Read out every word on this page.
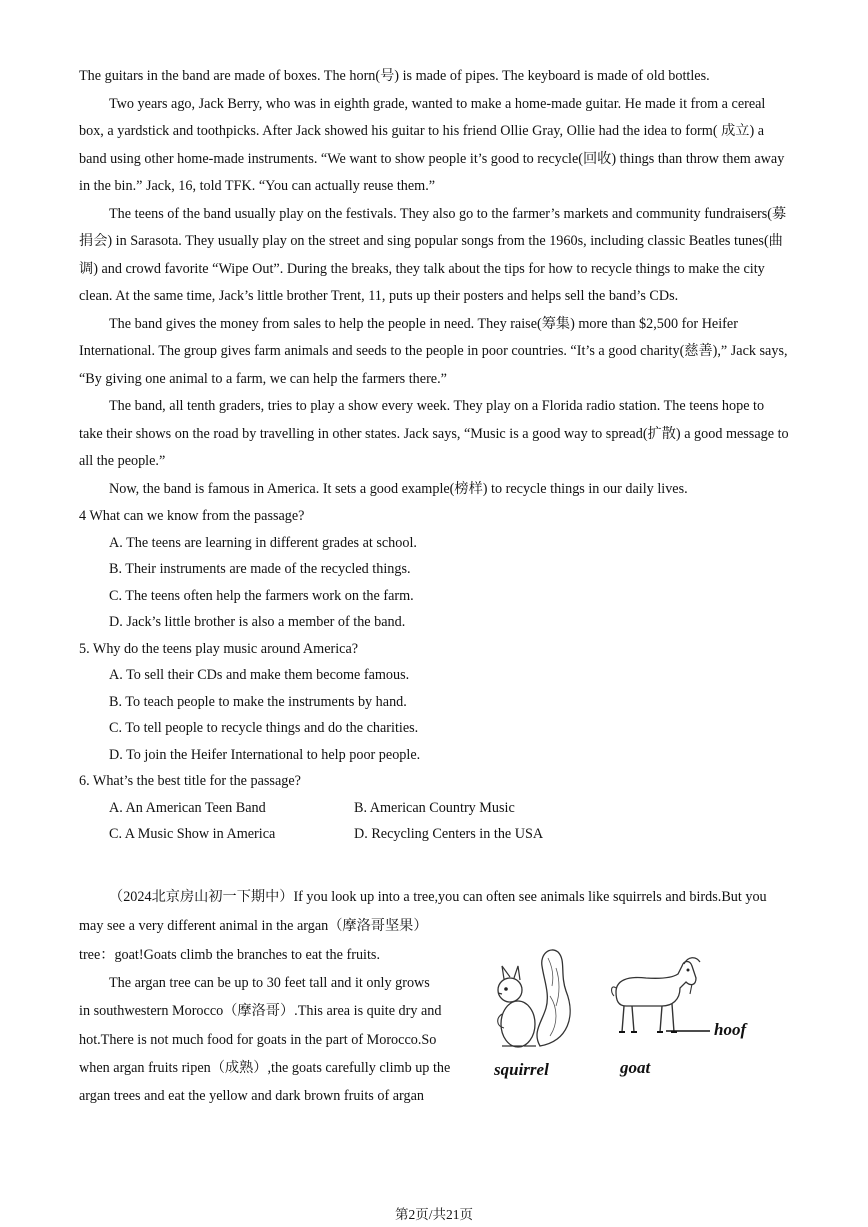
The guitars in the band are made of boxes. The horn(号) is made of pipes. The keyboard is made of old bottles.

Two years ago, Jack Berry, who was in eighth grade, wanted to make a home-made guitar. He made it from a cereal box, a yardstick and toothpicks. After Jack showed his guitar to his friend Ollie Gray, Ollie had the idea to form( 成立) a band using other home-made instruments. “We want to show people it’s good to recycle(回收) things than throw them away in the bin.” Jack, 16, told TFK. “You can actually reuse them.”

The teens of the band usually play on the festivals. They also go to the farmer’s markets and community fundraisers(募捐会) in Sarasota. They usually play on the street and sing popular songs from the 1960s, including classic Beatles tunes(曲调) and crowd favorite “Wipe Out”. During the breaks, they talk about the tips for how to recycle things to make the city clean. At the same time, Jack’s little brother Trent, 11, puts up their posters and helps sell the band’s CDs.

The band gives the money from sales to help the people in need. They raise(筹集) more than $2,500 for Heifer International. The group gives farm animals and seeds to the people in poor countries. “It’s a good charity(慈善),” Jack says, “By giving one animal to a farm, we can help the farmers there.”

The band, all tenth graders, tries to play a show every week. They play on a Florida radio station. The teens hope to take their shows on the road by travelling in other states. Jack says, “Music is a good way to spread(扩散) a good message to all the people.”

Now, the band is famous in America. It sets a good example(榜样) to recycle things in our daily lives.

4 What can we know from the passage?

A. The teens are learning in different grades at school.

B. Their instruments are made of the recycled things.

C. The teens often help the farmers work on the farm.

D. Jack’s little brother is also a member of the band.

5. Why do the teens play music around America?

A. To sell their CDs and make them become famous.

B. To teach people to make the instruments by hand.

C. To tell people to recycle things and do the charities.

D. To join the Heifer International to help poor people.

6. What’s the best title for the passage?

A. An American Teen Band	B. American Country Music
C. A Music Show in America	D. Recycling Centers in the USA

（2024北京房山初一下期中）If you look up into a tree,you can often see animals like squirrels and birds.But you may see a very different animal in the argan（摩洛哥坚果）

tree：goat!Goats climb the branches to eat the fruits.

The argan tree can be up to 30 feet tall and it only grows

in southwestern Morocco（摩洛哥）.This area is quite dry and

hot.There is not much food for goats in the part of Morocco.So

when argan fruits ripen（成熟）,the goats carefully climb up the

argan trees and eat the yellow and dark brown fruits of argan

hoof
squirrel	goat
第2页/共21页
